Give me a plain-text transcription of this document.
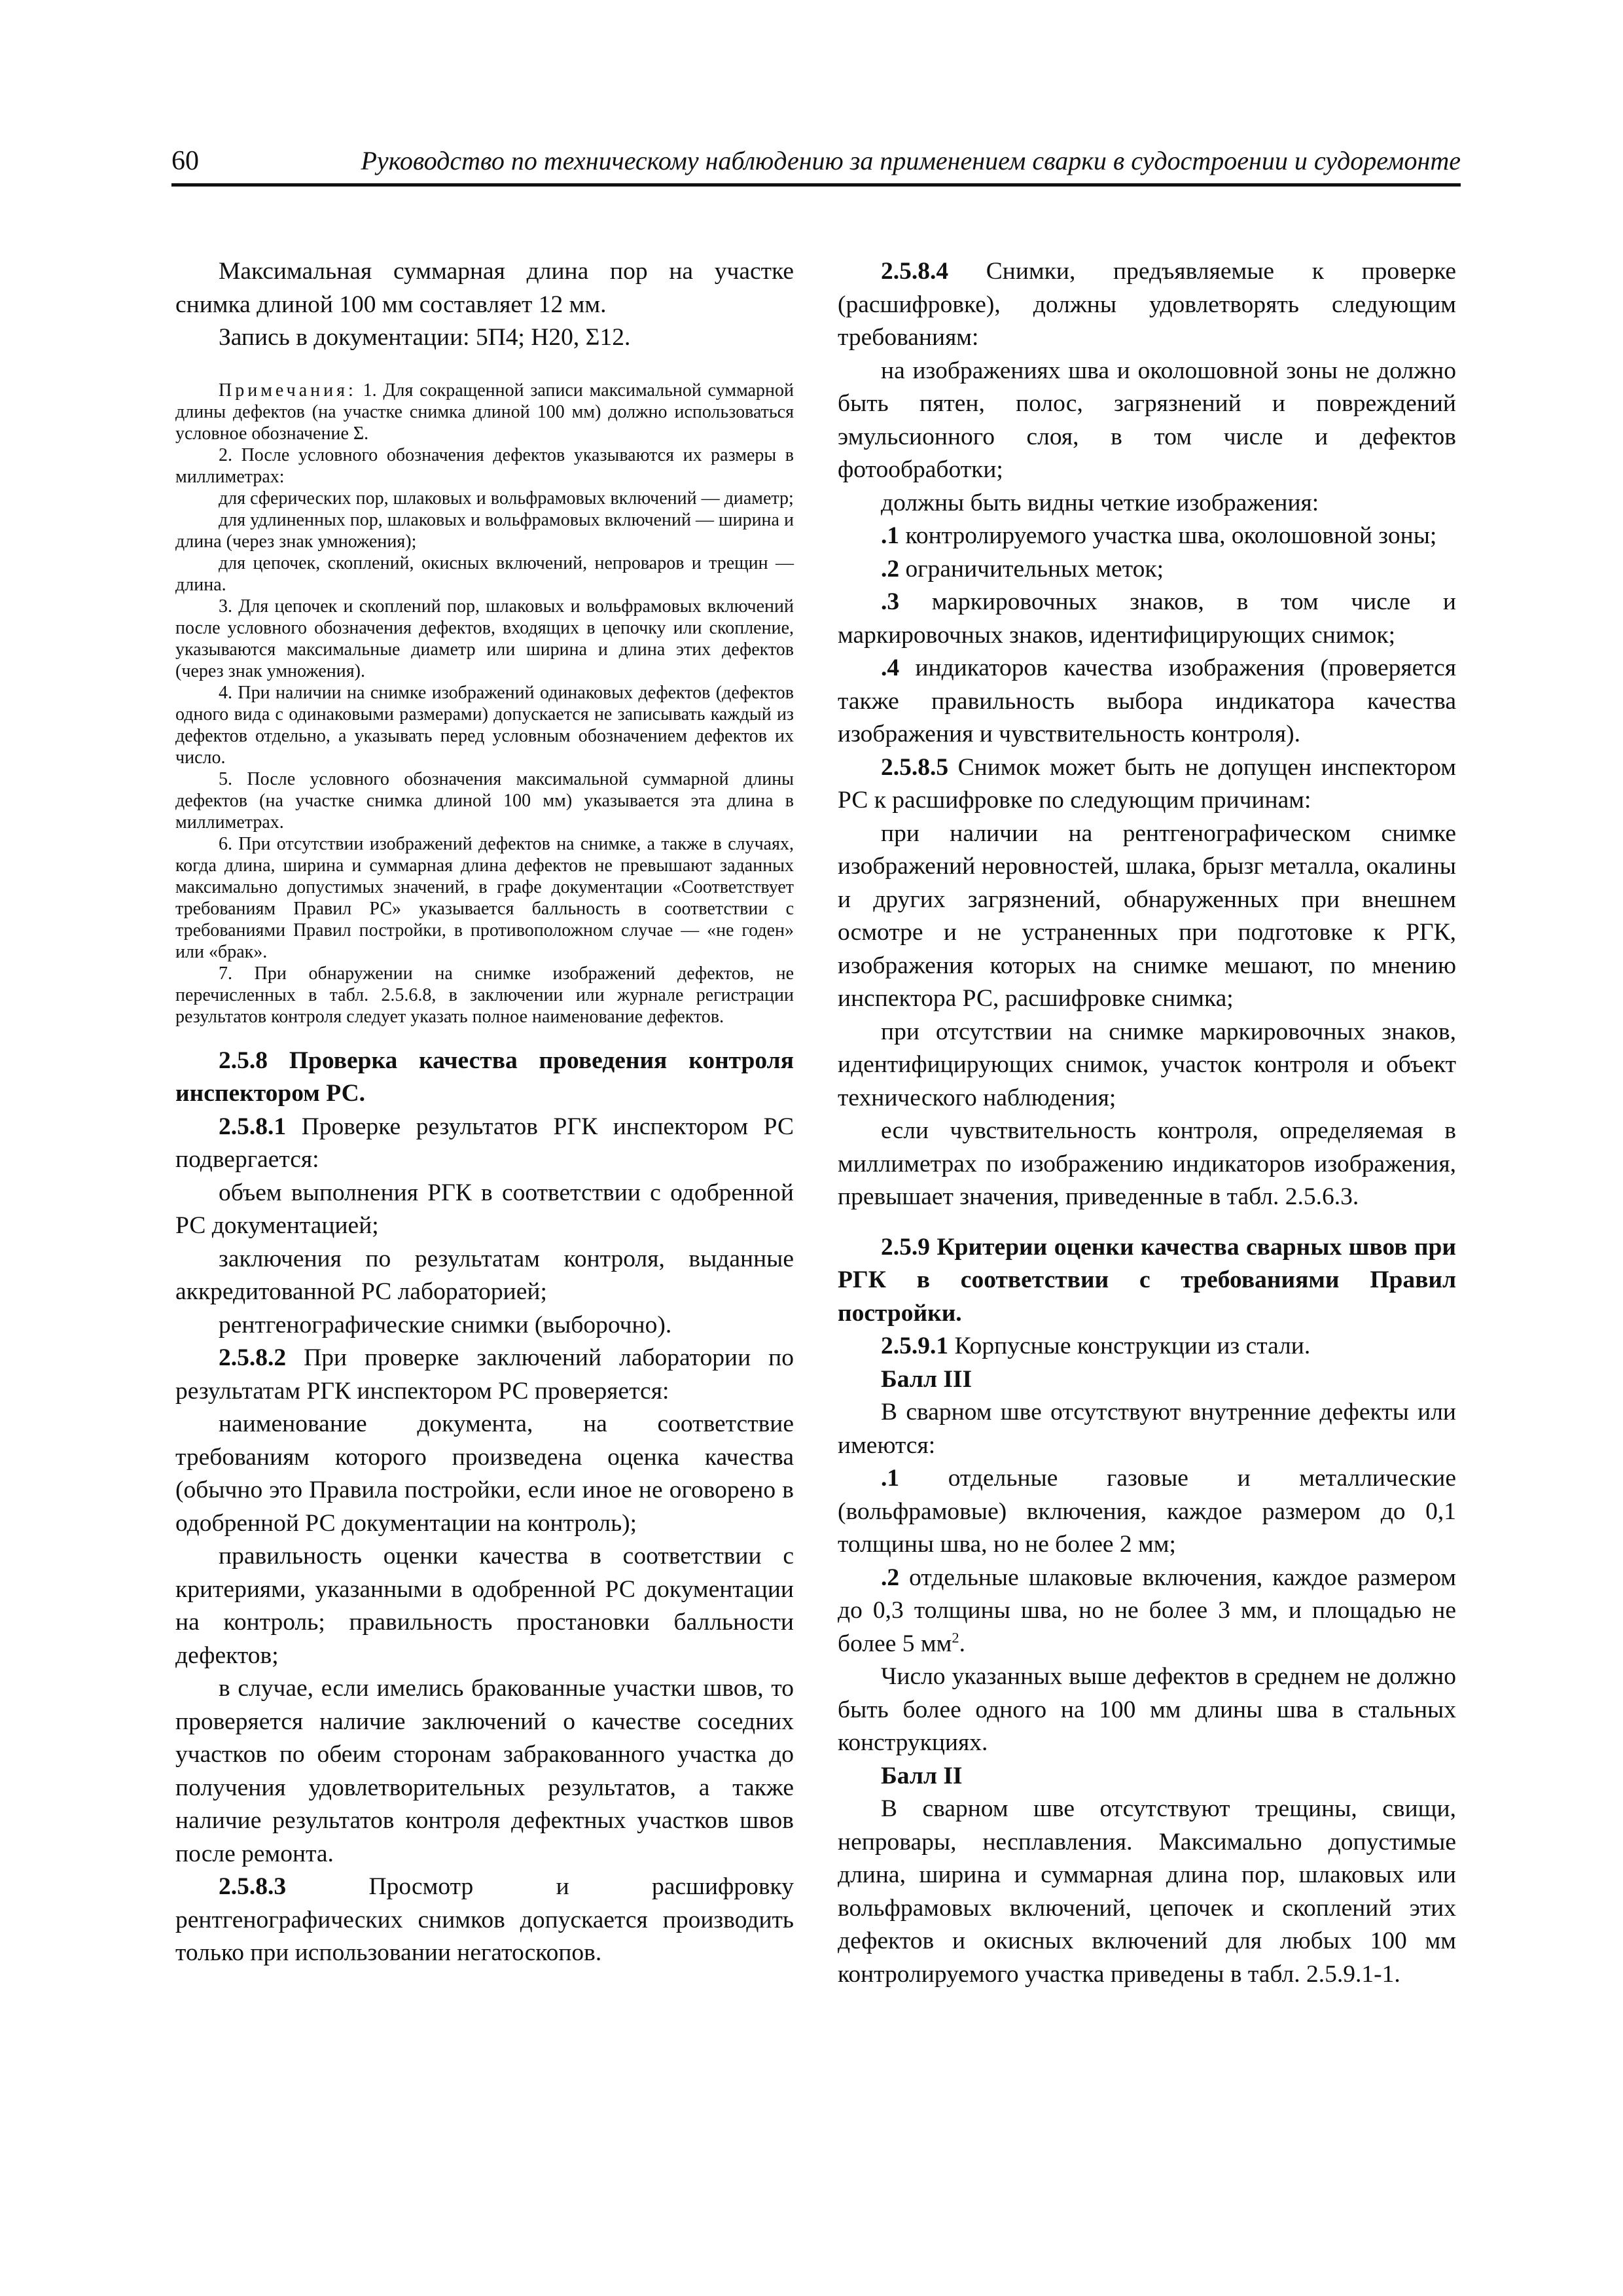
60	Руководство по техническому наблюдению за применением сварки в судостроении и судоремонте

Максимальная суммарная длина пор на участке снимка длиной 100 мм составляет 12 мм.

Запись в документации: 5П4; Н20, Σ12.

Примечания: 1. Для сокращенной записи максимальной суммарной длины дефектов (на участке снимка длиной 100 мм) должно использоваться условное обозначение Σ.

2. После условного обозначения дефектов указываются их размеры в миллиметрах:

для сферических пор, шлаковых и вольфрамовых включений — диаметр;

для удлиненных пор, шлаковых и вольфрамовых включений — ширина и длина (через знак умножения);

для цепочек, скоплений, окисных включений, непроваров и трещин — длина.

3. Для цепочек и скоплений пор, шлаковых и вольфрамовых включений после условного обозначения дефектов, входящих в цепочку или скопление, указываются максимальные диаметр или ширина и длина этих дефектов (через знак умножения).

4. При наличии на снимке изображений одинаковых дефектов (дефектов одного вида с одинаковыми размерами) допускается не записывать каждый из дефектов отдельно, а указывать перед условным обозначением дефектов их число.

5. После условного обозначения максимальной суммарной длины дефектов (на участке снимка длиной 100 мм) указывается эта длина в миллиметрах.

6. При отсутствии изображений дефектов на снимке, а также в случаях, когда длина, ширина и суммарная длина дефектов не превышают заданных максимально допустимых значений, в графе документации «Соответствует требованиям Правил РС» указывается балльность в соответствии с требованиями Правил постройки, в противоположном случае — «не годен» или «брак».

7. При обнаружении на снимке изображений дефектов, не перечисленных в табл. 2.5.6.8, в заключении или журнале регистрации результатов контроля следует указать полное наименование дефектов.

2.5.8 Проверка качества проведения контроля инспектором РС.

2.5.8.1 Проверке результатов РГК инспектором РС подвергается:

объем выполнения РГК в соответствии с одобренной РС документацией;

заключения по результатам контроля, выданные аккредитованной РС лабораторией;

рентгенографические снимки (выборочно).

2.5.8.2 При проверке заключений лаборатории по результатам РГК инспектором РС проверяется:

наименование документа, на соответствие требованиям которого произведена оценка качества (обычно это Правила постройки, если иное не оговорено в одобренной РС документации на контроль);

правильность оценки качества в соответствии с критериями, указанными в одобренной РС документации на контроль; правильность простановки балльности дефектов;

в случае, если имелись бракованные участки швов, то проверяется наличие заключений о качестве соседних участков по обеим сторонам забракованного участка до получения удовлетворительных результатов, а также наличие результатов контроля дефектных участков швов после ремонта.

2.5.8.3 Просмотр и расшифровку рентгенографических снимков допускается производить только при использовании негатоскопов.

2.5.8.4 Снимки, предъявляемые к проверке (расшифровке), должны удовлетворять следующим требованиям:

на изображениях шва и околошовной зоны не должно быть пятен, полос, загрязнений и повреждений эмульсионного слоя, в том числе и дефектов фотообработки;

должны быть видны четкие изображения:

.1 контролируемого участка шва, околошовной зоны;

.2 ограничительных меток;

.3 маркировочных знаков, в том числе и маркировочных знаков, идентифицирующих снимок;

.4 индикаторов качества изображения (проверяется также правильность выбора индикатора качества изображения и чувствительность контроля).

2.5.8.5 Снимок может быть не допущен инспектором РС к расшифровке по следующим причинам:

при наличии на рентгенографическом снимке изображений неровностей, шлака, брызг металла, окалины и других загрязнений, обнаруженных при внешнем осмотре и не устраненных при подготовке к РГК, изображения которых на снимке мешают, по мнению инспектора РС, расшифровке снимка;

при отсутствии на снимке маркировочных знаков, идентифицирующих снимок, участок контроля и объект технического наблюдения;

если чувствительность контроля, определяемая в миллиметрах по изображению индикаторов изображения, превышает значения, приведенные в табл. 2.5.6.3.

2.5.9 Критерии оценки качества сварных швов при РГК в соответствии с требованиями Правил постройки.

2.5.9.1 Корпусные конструкции из стали.

Балл III

В сварном шве отсутствуют внутренние дефекты или имеются:

.1 отдельные газовые и металлические (вольфрамовые) включения, каждое размером до 0,1 толщины шва, но не более 2 мм;

.2 отдельные шлаковые включения, каждое размером до 0,3 толщины шва, но не более 3 мм, и площадью не более 5 $мм^2$.

Число указанных выше дефектов в среднем не должно быть более одного на 100 мм длины шва в стальных конструкциях.

Балл II

В сварном шве отсутствуют трещины, свищи, непровары, несплавления. Максимально допустимые длина, ширина и суммарная длина пор, шлаковых или вольфрамовых включений, цепочек и скоплений этих дефектов и окисных включений для любых 100 мм контролируемого участка приведены в табл. 2.5.9.1-1.
